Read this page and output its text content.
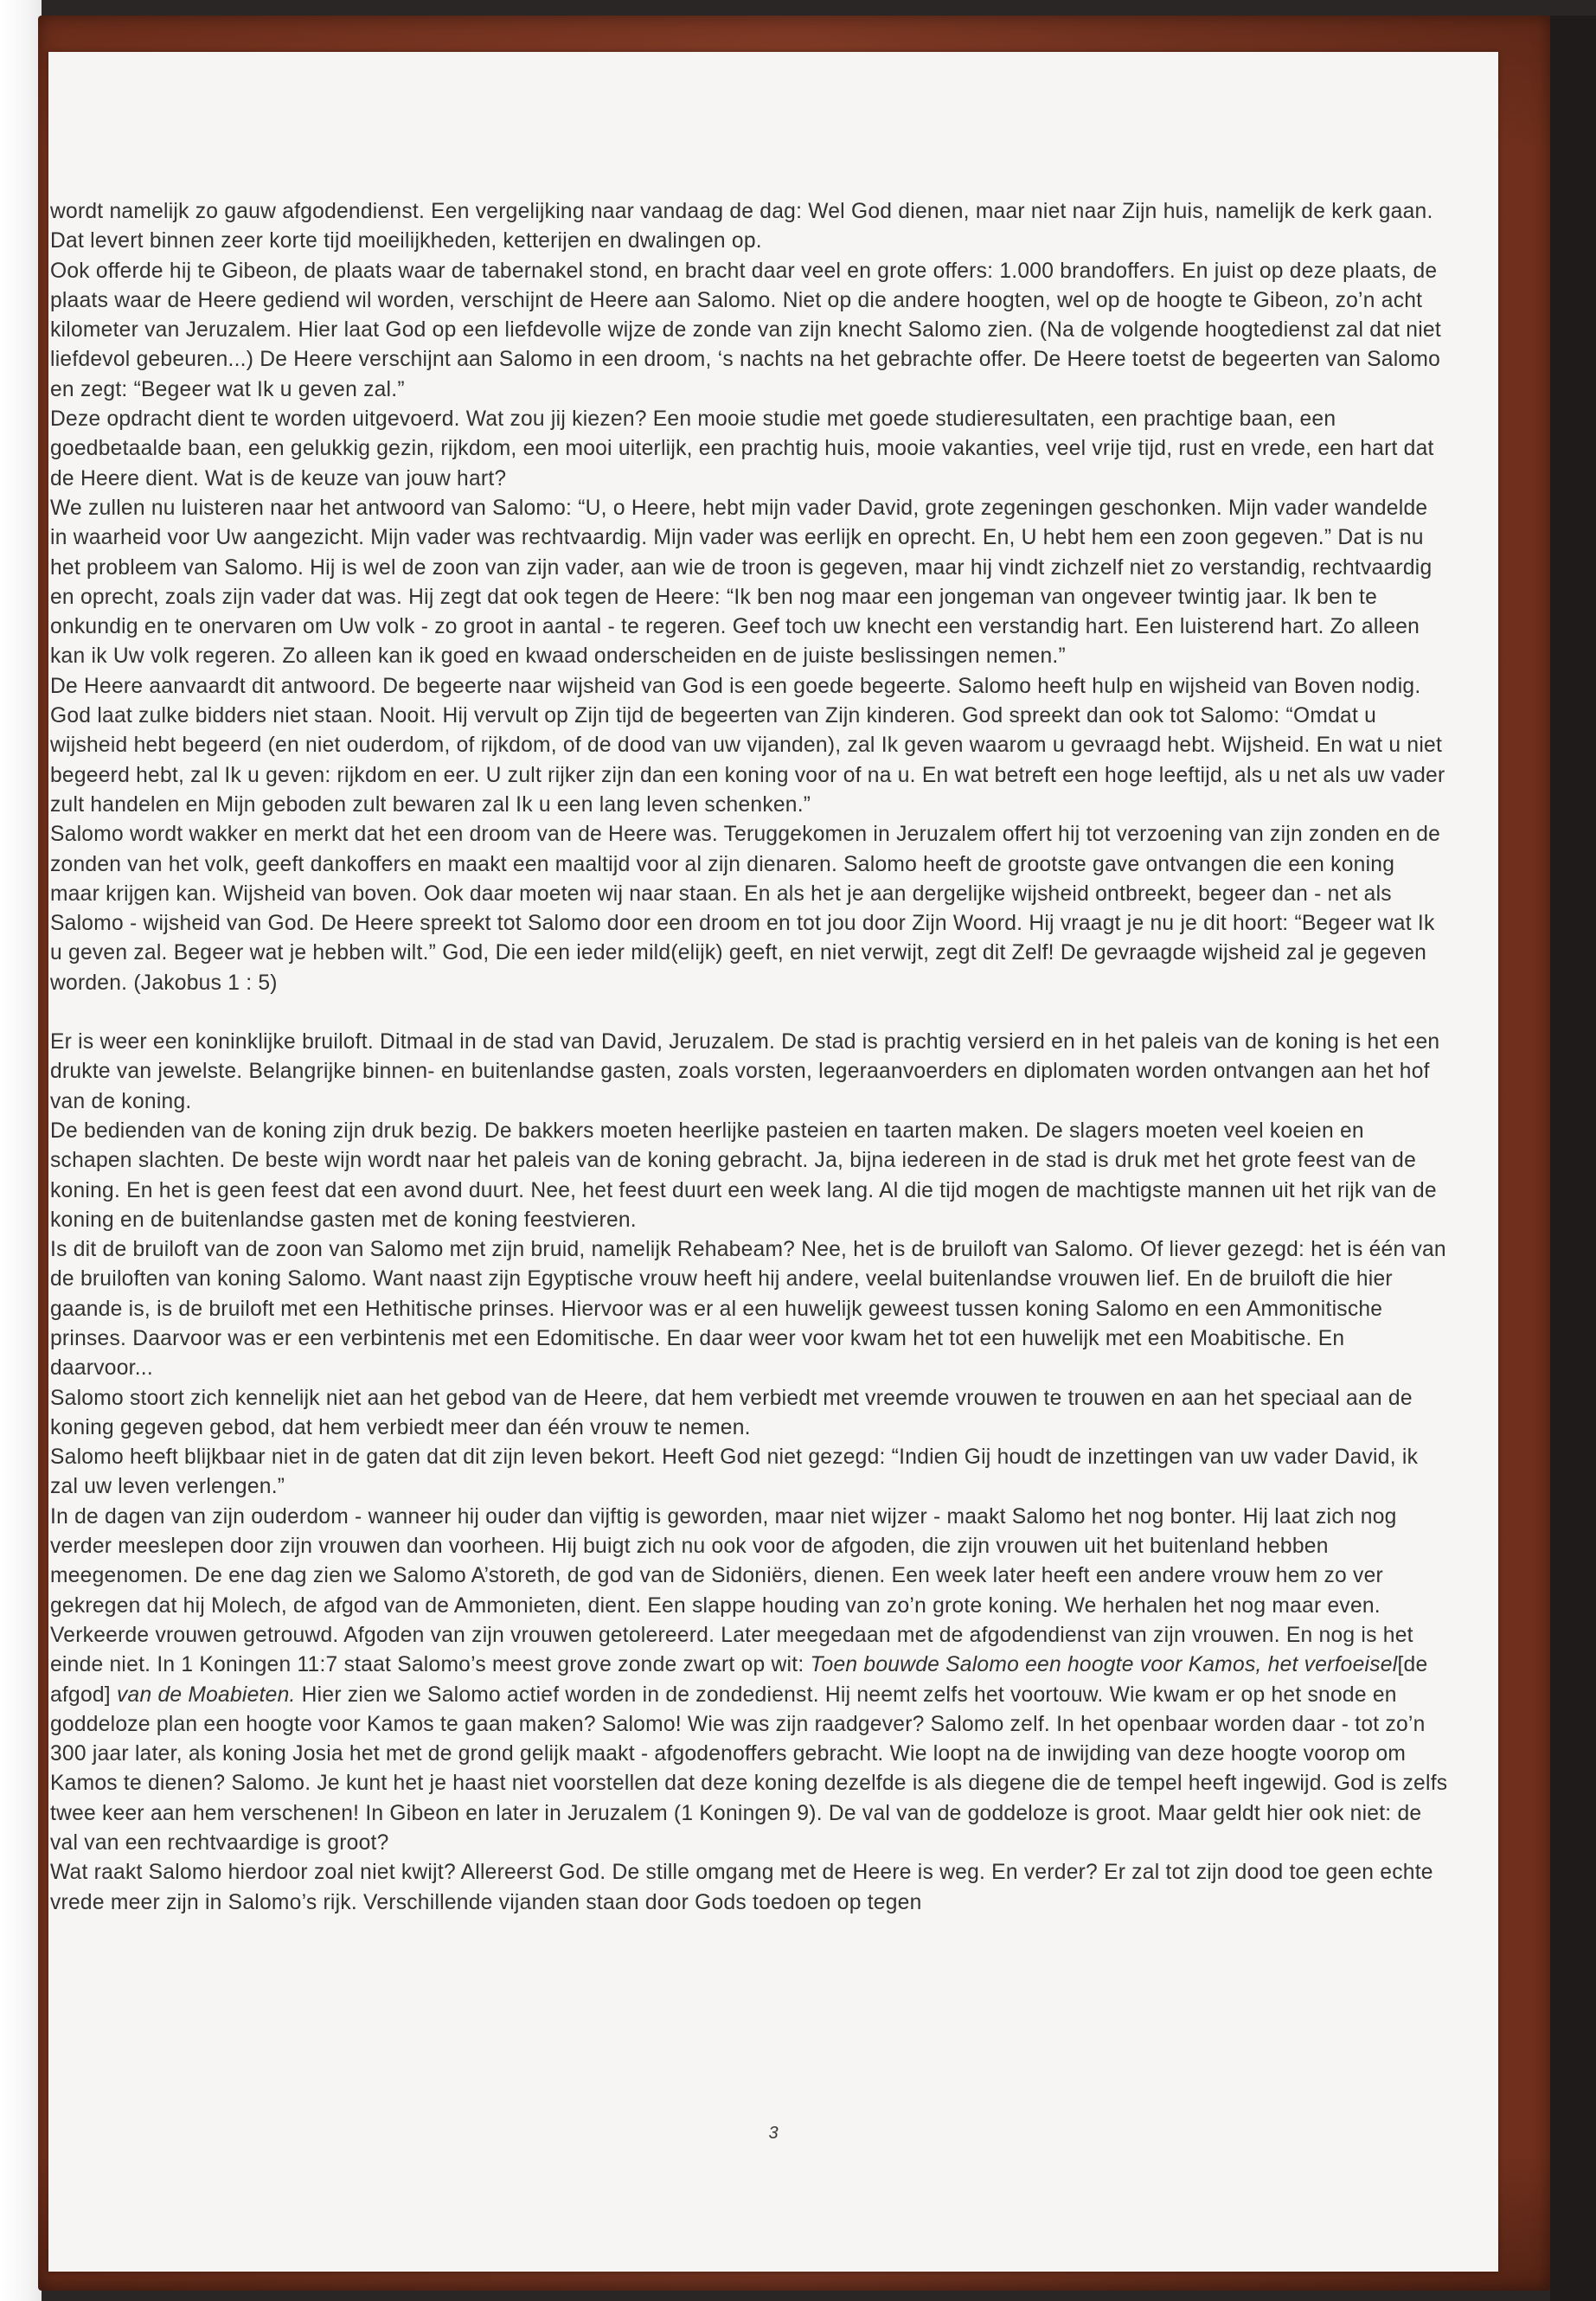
wordt namelijk zo gauw afgodendienst. Een vergelijking naar vandaag de dag: Wel God dienen, maar niet naar Zijn huis, namelijk de kerk gaan. Dat levert binnen zeer korte tijd moeilijkheden, ketterijen en dwalingen op.

Ook offerde hij te Gibeon, de plaats waar de tabernakel stond, en bracht daar veel en grote offers: 1.000 brandoffers. En juist op deze plaats, de plaats waar de Heere gediend wil worden, verschijnt de Heere aan Salomo. Niet op die andere hoogten, wel op de hoogte te Gibeon, zo’n acht kilometer van Jeruzalem. Hier laat God op een liefdevolle wijze de zonde van zijn knecht Salomo zien. (Na de volgende hoogtedienst zal dat niet liefdevol gebeuren...) De Heere verschijnt aan Salomo in een droom, ‘s nachts na het gebrachte offer. De Heere toetst de begeerten van Salomo en zegt: “Begeer wat Ik u geven zal.”

Deze opdracht dient te worden uitgevoerd. Wat zou jij kiezen? Een mooie studie met goede studieresultaten, een prachtige baan, een goedbetaalde baan, een gelukkig gezin, rijkdom, een mooi uiterlijk, een prachtig huis, mooie vakanties, veel vrije tijd, rust en vrede, een hart dat de Heere dient. Wat is de keuze van jouw hart?

We zullen nu luisteren naar het antwoord van Salomo: “U, o Heere, hebt mijn vader David, grote zegeningen geschonken. Mijn vader wandelde in waarheid voor Uw aangezicht. Mijn vader was rechtvaardig. Mijn vader was eerlijk en oprecht. En, U hebt hem een zoon gegeven.” Dat is nu het probleem van Salomo. Hij is wel de zoon van zijn vader, aan wie de troon is gegeven, maar hij vindt zichzelf niet zo verstandig, rechtvaardig en oprecht, zoals zijn vader dat was. Hij zegt dat ook tegen de Heere: “Ik ben nog maar een jongeman van ongeveer twintig jaar. Ik ben te onkundig en te onervaren om Uw volk - zo groot in aantal - te regeren. Geef toch uw knecht een verstandig hart. Een luisterend hart. Zo alleen kan ik Uw volk regeren. Zo alleen kan ik goed en kwaad onderscheiden en de juiste beslissingen nemen.”

De Heere aanvaardt dit antwoord. De begeerte naar wijsheid van God is een goede begeerte. Salomo heeft hulp en wijsheid van Boven nodig. God laat zulke bidders niet staan. Nooit. Hij vervult op Zijn tijd de begeerten van Zijn kinderen. God spreekt dan ook tot Salomo: “Omdat u wijsheid hebt begeerd (en niet ouderdom, of rijkdom, of de dood van uw vijanden), zal Ik geven waarom u gevraagd hebt. Wijsheid. En wat u niet begeerd hebt, zal Ik u geven: rijkdom en eer. U zult rijker zijn dan een koning voor of na u. En wat betreft een hoge leeftijd, als u net als uw vader zult handelen en Mijn geboden zult bewaren zal Ik u een lang leven schenken.”

Salomo wordt wakker en merkt dat het een droom van de Heere was. Teruggekomen in Jeruzalem offert hij tot verzoening van zijn zonden en de zonden van het volk, geeft dankoffers en maakt een maaltijd voor al zijn dienaren. Salomo heeft de grootste gave ontvangen die een koning maar krijgen kan. Wijsheid van boven. Ook daar moeten wij naar staan. En als het je aan dergelijke wijsheid ontbreekt, begeer dan - net als Salomo - wijsheid van God. De Heere spreekt tot Salomo door een droom en tot jou door Zijn Woord. Hij vraagt je nu je dit hoort: “Begeer wat Ik u geven zal. Begeer wat je hebben wilt.” God, Die een ieder mild(elijk) geeft, en niet verwijt, zegt dit Zelf! De gevraagde wijsheid zal je gegeven worden. (Jakobus 1 : 5)

Er is weer een koninklijke bruiloft. Ditmaal in de stad van David, Jeruzalem. De stad is prachtig versierd en in het paleis van de koning is het een drukte van jewelste. Belangrijke binnen- en buitenlandse gasten, zoals vorsten, legeraanvoerders en diplomaten worden ontvangen aan het hof van de koning.

De bedienden van de koning zijn druk bezig. De bakkers moeten heerlijke pasteien en taarten maken. De slagers moeten veel koeien en schapen slachten. De beste wijn wordt naar het paleis van de koning gebracht. Ja, bijna iedereen in de stad is druk met het grote feest van de koning. En het is geen feest dat een avond duurt. Nee, het feest duurt een week lang. Al die tijd mogen de machtigste mannen uit het rijk van de koning en de buitenlandse gasten met de koning feestvieren.

Is dit de bruiloft van de zoon van Salomo met zijn bruid, namelijk Rehabeam? Nee, het is de bruiloft van Salomo. Of liever gezegd: het is één van de bruiloften van koning Salomo. Want naast zijn Egyptische vrouw heeft hij andere, veelal buitenlandse vrouwen lief. En de bruiloft die hier gaande is, is de bruiloft met een Hethitische prinses. Hiervoor was er al een huwelijk geweest tussen koning Salomo en een Ammonitische prinses. Daarvoor was er een verbintenis met een Edomitische. En daar weer voor kwam het tot een huwelijk met een Moabitische. En daarvoor...

Salomo stoort zich kennelijk niet aan het gebod van de Heere, dat hem verbiedt met vreemde vrouwen te trouwen en aan het speciaal aan de koning gegeven gebod, dat hem verbiedt meer dan één vrouw te nemen.

Salomo heeft blijkbaar niet in de gaten dat dit zijn leven bekort. Heeft God niet gezegd: “Indien Gij houdt de inzettingen van uw vader David, ik zal uw leven verlengen.”

In de dagen van zijn ouderdom - wanneer hij ouder dan vijftig is geworden, maar niet wijzer - maakt Salomo het nog bonter. Hij laat zich nog verder meeslepen door zijn vrouwen dan voorheen. Hij buigt zich nu ook voor de afgoden, die zijn vrouwen uit het buitenland hebben meegenomen. De ene dag zien we Salomo A’storeth, de god van de Sidoniërs, dienen. Een week later heeft een andere vrouw hem zo ver gekregen dat hij Molech, de afgod van de Ammonieten, dient. Een slappe houding van zo’n grote koning. We herhalen het nog maar even. Verkeerde vrouwen getrouwd. Afgoden van zijn vrouwen getolereerd. Later meegedaan met de afgodendienst van zijn vrouwen. En nog is het einde niet. In 1 Koningen 11:7 staat Salomo’s meest grove zonde zwart op wit: Toen bouwde Salomo een hoogte voor Kamos, het verfoeisel[de afgod] van de Moabieten. Hier zien we Salomo actief worden in de zondedienst. Hij neemt zelfs het voortouw. Wie kwam er op het snode en goddeloze plan een hoogte voor Kamos te gaan maken? Salomo! Wie was zijn raadgever? Salomo zelf. In het openbaar worden daar - tot zo’n 300 jaar later, als koning Josia het met de grond gelijk maakt - afgodenoffers gebracht. Wie loopt na de inwijding van deze hoogte voorop om Kamos te dienen? Salomo. Je kunt het je haast niet voorstellen dat deze koning dezelfde is als diegene die de tempel heeft ingewijd. God is zelfs twee keer aan hem verschenen! In Gibeon en later in Jeruzalem (1 Koningen 9). De val van de goddeloze is groot. Maar geldt hier ook niet: de val van een rechtvaardige is groot?

Wat raakt Salomo hierdoor zoal niet kwijt? Allereerst God. De stille omgang met de Heere is weg. En verder? Er zal tot zijn dood toe geen echte vrede meer zijn in Salomo’s rijk. Verschillende vijanden staan door Gods toedoen op tegen

3
